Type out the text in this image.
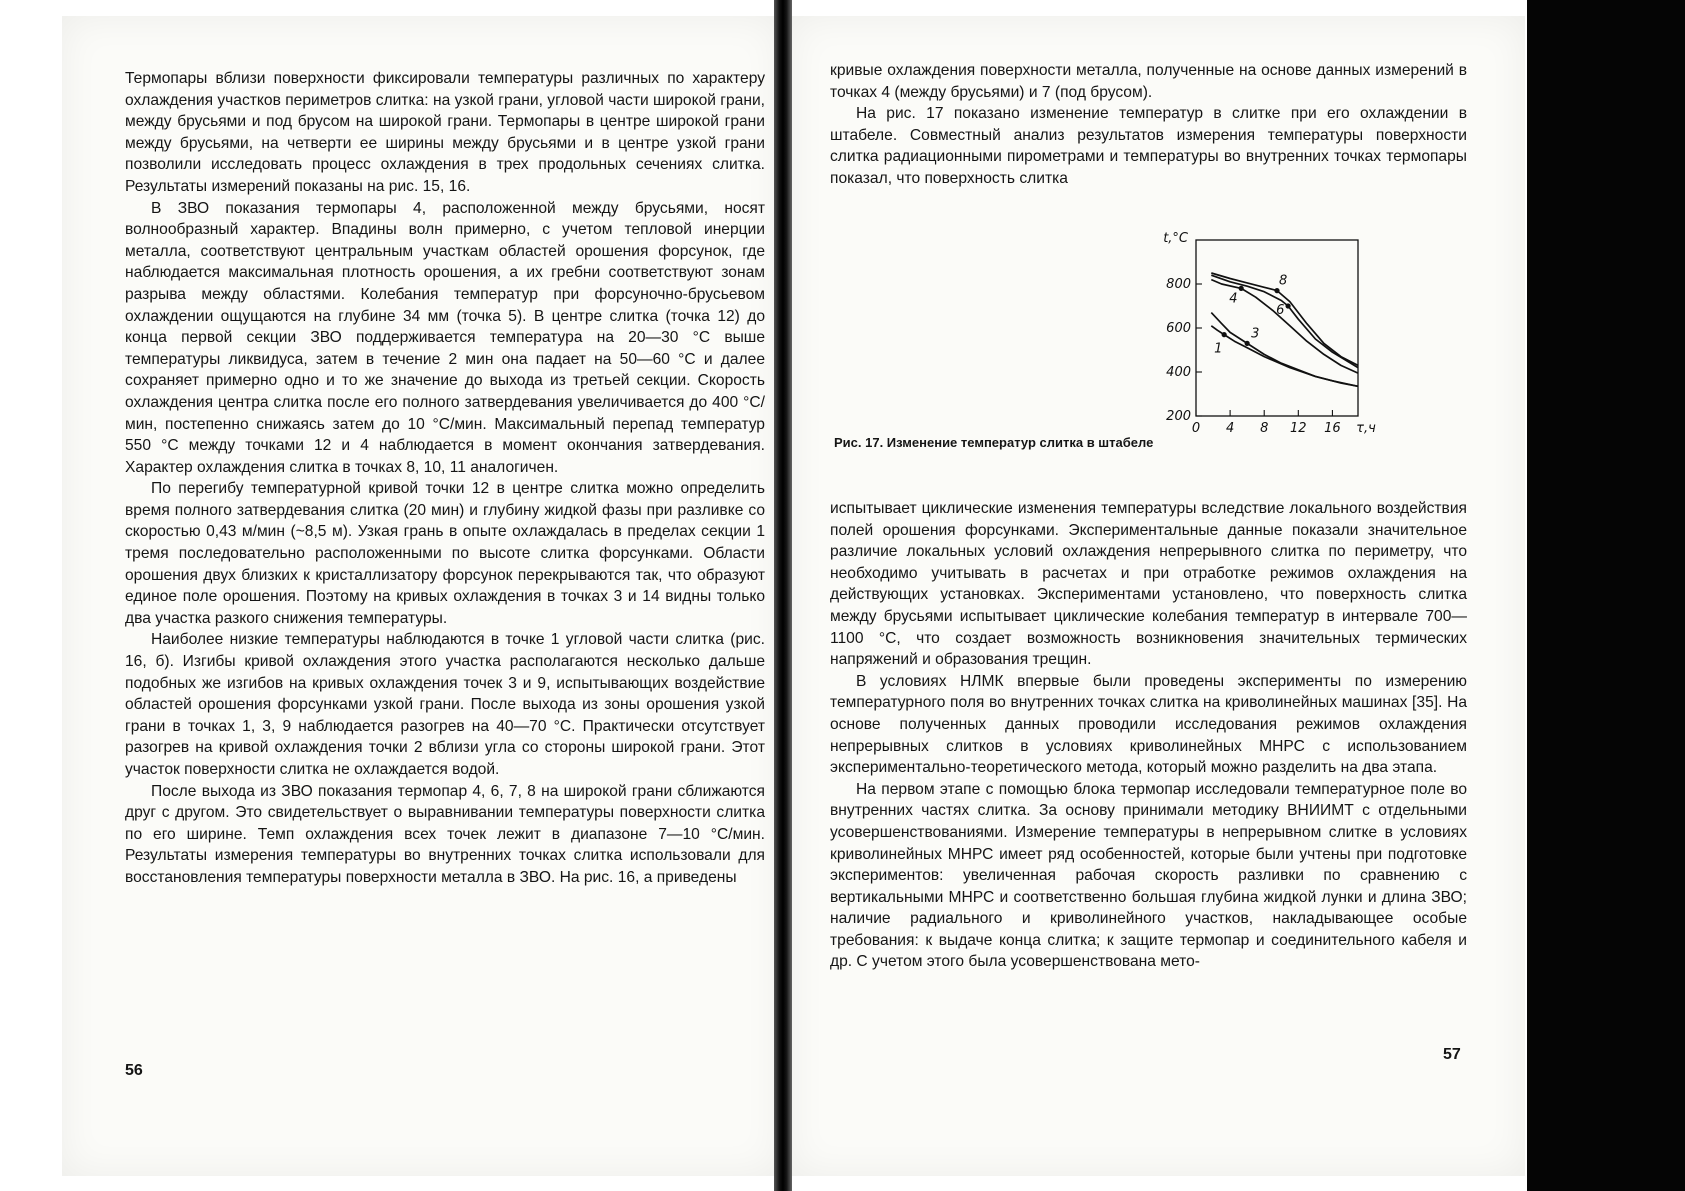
Термопары вблизи поверхности фиксировали температуры различных по характеру охлаждения участков периметров слитка: на узкой грани, угловой части широкой грани, между брусьями и под брусом на широкой грани. Термопары в центре широкой грани между брусьями, на четверти ее ширины между брусьями и в центре узкой грани позволили исследовать процесс охлаждения в трех продольных сечениях слитка. Результаты измерений показаны на рис. 15, 16.

В ЗВО показания термопары 4, расположенной между брусьями, носят волнообразный характер. Впадины волн примерно, с учетом тепловой инерции металла, соответствуют центральным участкам областей орошения форсунок, где наблюдается максимальная плотность орошения, а их гребни соответствуют зонам разрыва между областями. Колебания температур при форсуночно-брусьевом охлаждении ощущаются на глубине 34 мм (точка 5). В центре слитка (точка 12) до конца первой секции ЗВО поддерживается температура на 20—30 °С выше температуры ликвидуса, затем в течение 2 мин она падает на 50—60 °С и далее сохраняет примерно одно и то же значение до выхода из третьей секции. Скорость охлаждения центра слитка после его полного затвердевания увеличивается до 400 °С/мин, постепенно снижаясь затем до 10 °С/мин. Максимальный перепад температур 550 °С между точками 12 и 4 наблюдается в момент окончания затвердевания. Характер охлаждения слитка в точках 8, 10, 11 аналогичен.

По перегибу температурной кривой точки 12 в центре слитка можно определить время полного затвердевания слитка (20 мин) и глубину жидкой фазы при разливке со скоростью 0,43 м/мин (~8,5 м). Узкая грань в опыте охлаждалась в пределах секции 1 тремя последовательно расположенными по высоте слитка форсунками. Области орошения двух близких к кристаллизатору форсунок перекрываются так, что образуют единое поле орошения. Поэтому на кривых охлаждения в точках 3 и 14 видны только два участка разкого снижения температуры.

Наиболее низкие температуры наблюдаются в точке 1 угловой части слитка (рис. 16, б). Изгибы кривой охлаждения этого участка располагаются несколько дальше подобных же изгибов на кривых охлаждения точек 3 и 9, испытывающих воздействие областей орошения форсунками узкой грани. После выхода из зоны орошения узкой грани в точках 1, 3, 9 наблюдается разогрев на 40—70 °С. Практически отсутствует разогрев на кривой охлаждения точки 2 вблизи угла со стороны широкой грани. Этот участок поверхности слитка не охлаждается водой.

После выхода из ЗВО показания термопар 4, 6, 7, 8 на широкой грани сближаются друг с другом. Это свидетельствует о выравнивании температуры поверхности слитка по его ширине. Темп охлаждения всех точек лежит в диапазоне 7—10 °С/мин. Результаты измерения температуры во внутренних точках слитка использовали для восстановления температуры поверхности металла в ЗВО. На рис. 16, а приведены

56

кривые охлаждения поверхности металла, полученные на основе данных измерений в точках 4 (между брусьями) и 7 (под брусом).

На рис. 17 показано изменение температур в слитке при его охлаждении в штабеле. Совместный анализ результатов измерения температуры поверхности слитка радиационными пирометрами и температуры во внутренних точках термопары показал, что поверхность слитка

Рис. 17. Изменение температур слитка в штабеле
200
400
600
800
0 4 8 12 16
t,°C
τ,ч
8
6
4
3
1

испытывает циклические изменения температуры вследствие локального воздействия полей орошения форсунками. Экспериментальные данные показали значительное различие локальных условий охлаждения непрерывного слитка по периметру, что необходимо учитывать в расчетах и при отработке режимов охлаждения на действующих установках. Экспериментами установлено, что поверхность слитка между брусьями испытывает циклические колебания температур в интервале 700—1100 °С, что создает возможность возникновения значительных термических напряжений и образования трещин.

В условиях НЛМК впервые были проведены эксперименты по измерению температурного поля во внутренних точках слитка на криволинейных машинах [35]. На основе полученных данных проводили исследования режимов охлаждения непрерывных слитков в условиях криволинейных МНРС с использованием экспериментально-теоретического метода, который можно разделить на два этапа.

На первом этапе с помощью блока термопар исследовали температурное поле во внутренних частях слитка. За основу принимали методику ВНИИМТ с отдельными усовершенствованиями. Измерение температуры в непрерывном слитке в условиях криволинейных МНРС имеет ряд особенностей, которые были учтены при подготовке экспериментов: увеличенная рабочая скорость разливки по сравнению с вертикальными МНРС и соответственно большая глубина жидкой лунки и длина ЗВО; наличие радиального и криволинейного участков, накладывающее особые требования: к выдаче конца слитка; к защите термопар и соединительного кабеля и др. С учетом этого была усовершенствована мето-

57
